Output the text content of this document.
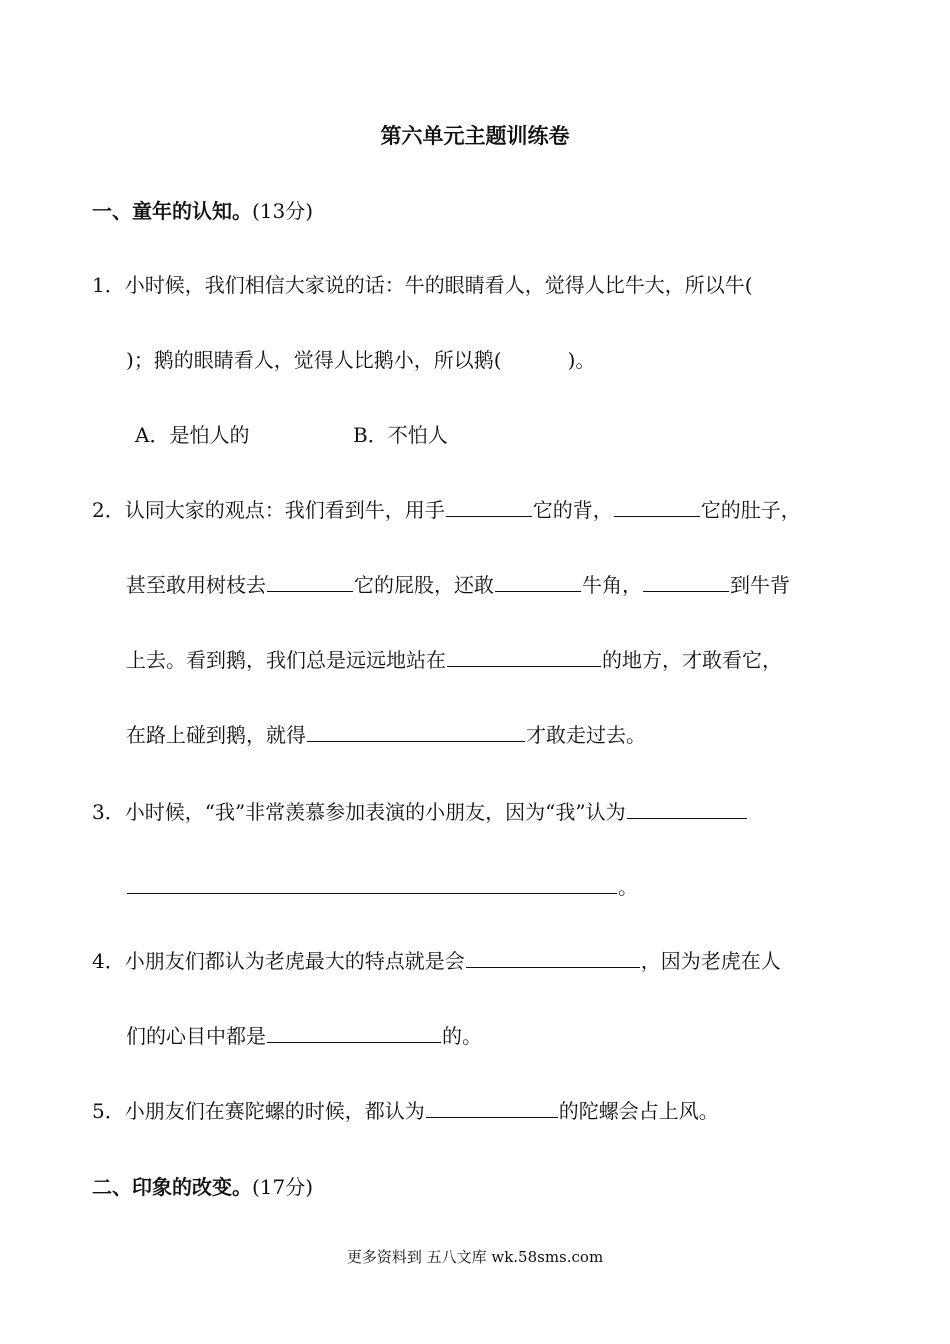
第六单元主题训练卷
一、童年的认知。(13分)
1．小时候，我们相信大家说的话：牛的眼睛看人，觉得人比牛大，所以牛(
)；鹅的眼睛看人，觉得人比鹅小，所以鹅(	)。
A．是怕人的	B．不怕人
2．认同大家的观点：我们看到牛，用手	它的背，	它的肚子，
甚至敢用树枝去	它的屁股，还敢	牛角，	到牛背
上去。看到鹅，我们总是远远地站在	的地方，才敢看它，
在路上碰到鹅，就得	才敢走过去。
3．小时候，“我”非常羡慕参加表演的小朋友，因为“我”认为
。
4．小朋友们都认为老虎最大的特点就是会	，因为老虎在人
们的心目中都是	的。
5．小朋友们在赛陀螺的时候，都认为	的陀螺会占上风。
二、印象的改变。(17分)
更多资料到 五八文库 wk.58sms.com
